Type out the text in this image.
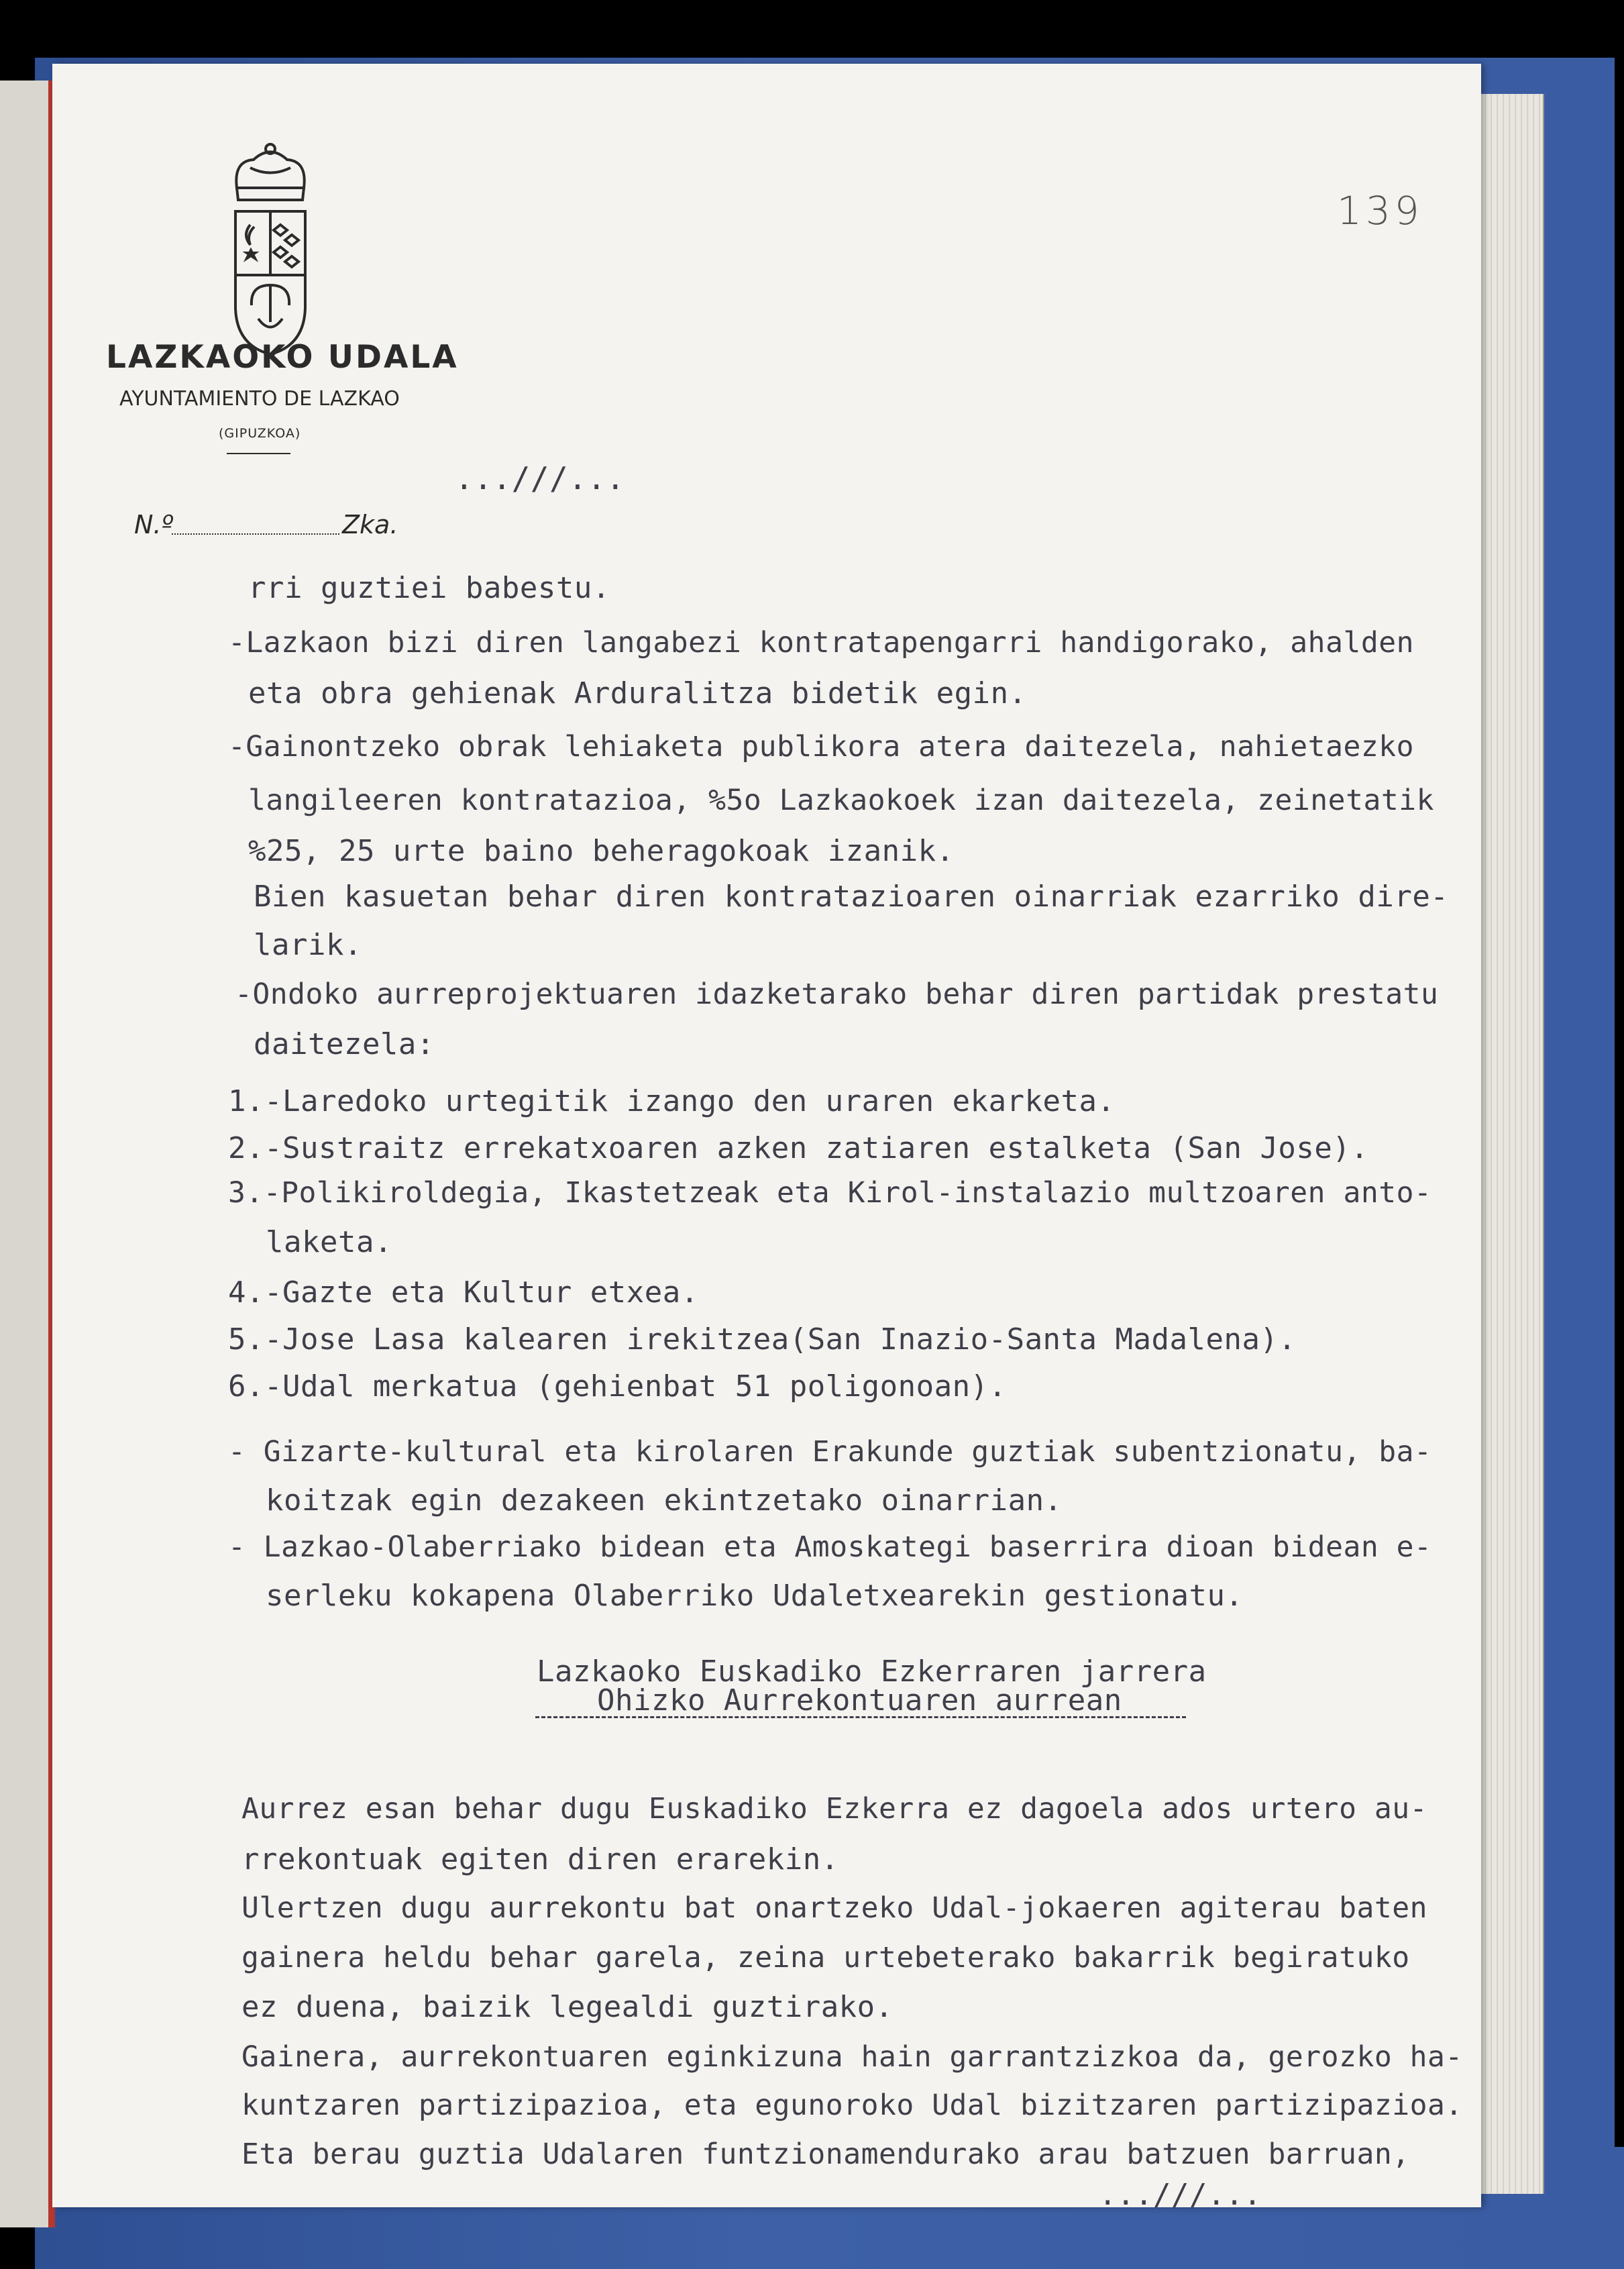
LAZKAOKO UDALA
AYUNTAMIENTO DE LAZKAO
(GIPUZKOA)
...///...
N.º	Zka.
139
rri guztiei babestu.
-Lazkaon bizi diren langabezi kontratapengarri handigorako, ahalden
eta obra gehienak Arduralitza bidetik egin.
-Gainontzeko obrak lehiaketa publikora atera daitezela, nahietaezko
langileeren kontratazioa, %5o Lazkaokoek izan daitezela, zeinetatik
%25, 25 urte baino beheragokoak izanik.
Bien kasuetan behar diren kontratazioaren oinarriak ezarriko dire-
larik.
-Ondoko aurreprojektuaren idazketarako behar diren partidak prestatu
daitezela:
1.-Laredoko urtegitik izango den uraren ekarketa.
2.-Sustraitz errekatxoaren azken zatiaren estalketa (San Jose).
3.-Polikiroldegia, Ikastetzeak eta Kirol-instalazio multzoaren anto-
laketa.
4.-Gazte eta Kultur etxea.
5.-Jose Lasa kalearen irekitzea(San Inazio-Santa Madalena).
6.-Udal merkatua (gehienbat 51 poligonoan).
- Gizarte-kultural eta kirolaren Erakunde guztiak subentzionatu, ba-
koitzak egin dezakeen ekintzetako oinarrian.
- Lazkao-Olaberriako bidean eta Amoskategi baserrira dioan bidean e-
serleku kokapena Olaberriko Udaletxearekin gestionatu.
Lazkaoko Euskadiko Ezkerraren jarrera
Ohizko Aurrekontuaren aurrean
Aurrez esan behar dugu Euskadiko Ezkerra ez dagoela ados urtero au-
rrekontuak egiten diren erarekin.
Ulertzen dugu aurrekontu bat onartzeko Udal-jokaeren agiterau baten
gainera heldu behar garela, zeina urtebeterako bakarrik begiratuko
ez duena, baizik legealdi guztirako.
Gainera, aurrekontuaren eginkizuna hain garrantzizkoa da, gerozko ha-
kuntzaren partizipazioa, eta egunoroko Udal bizitzaren partizipazioa.
Eta berau guztia Udalaren funtzionamendurako arau batzuen barruan,
...///...
